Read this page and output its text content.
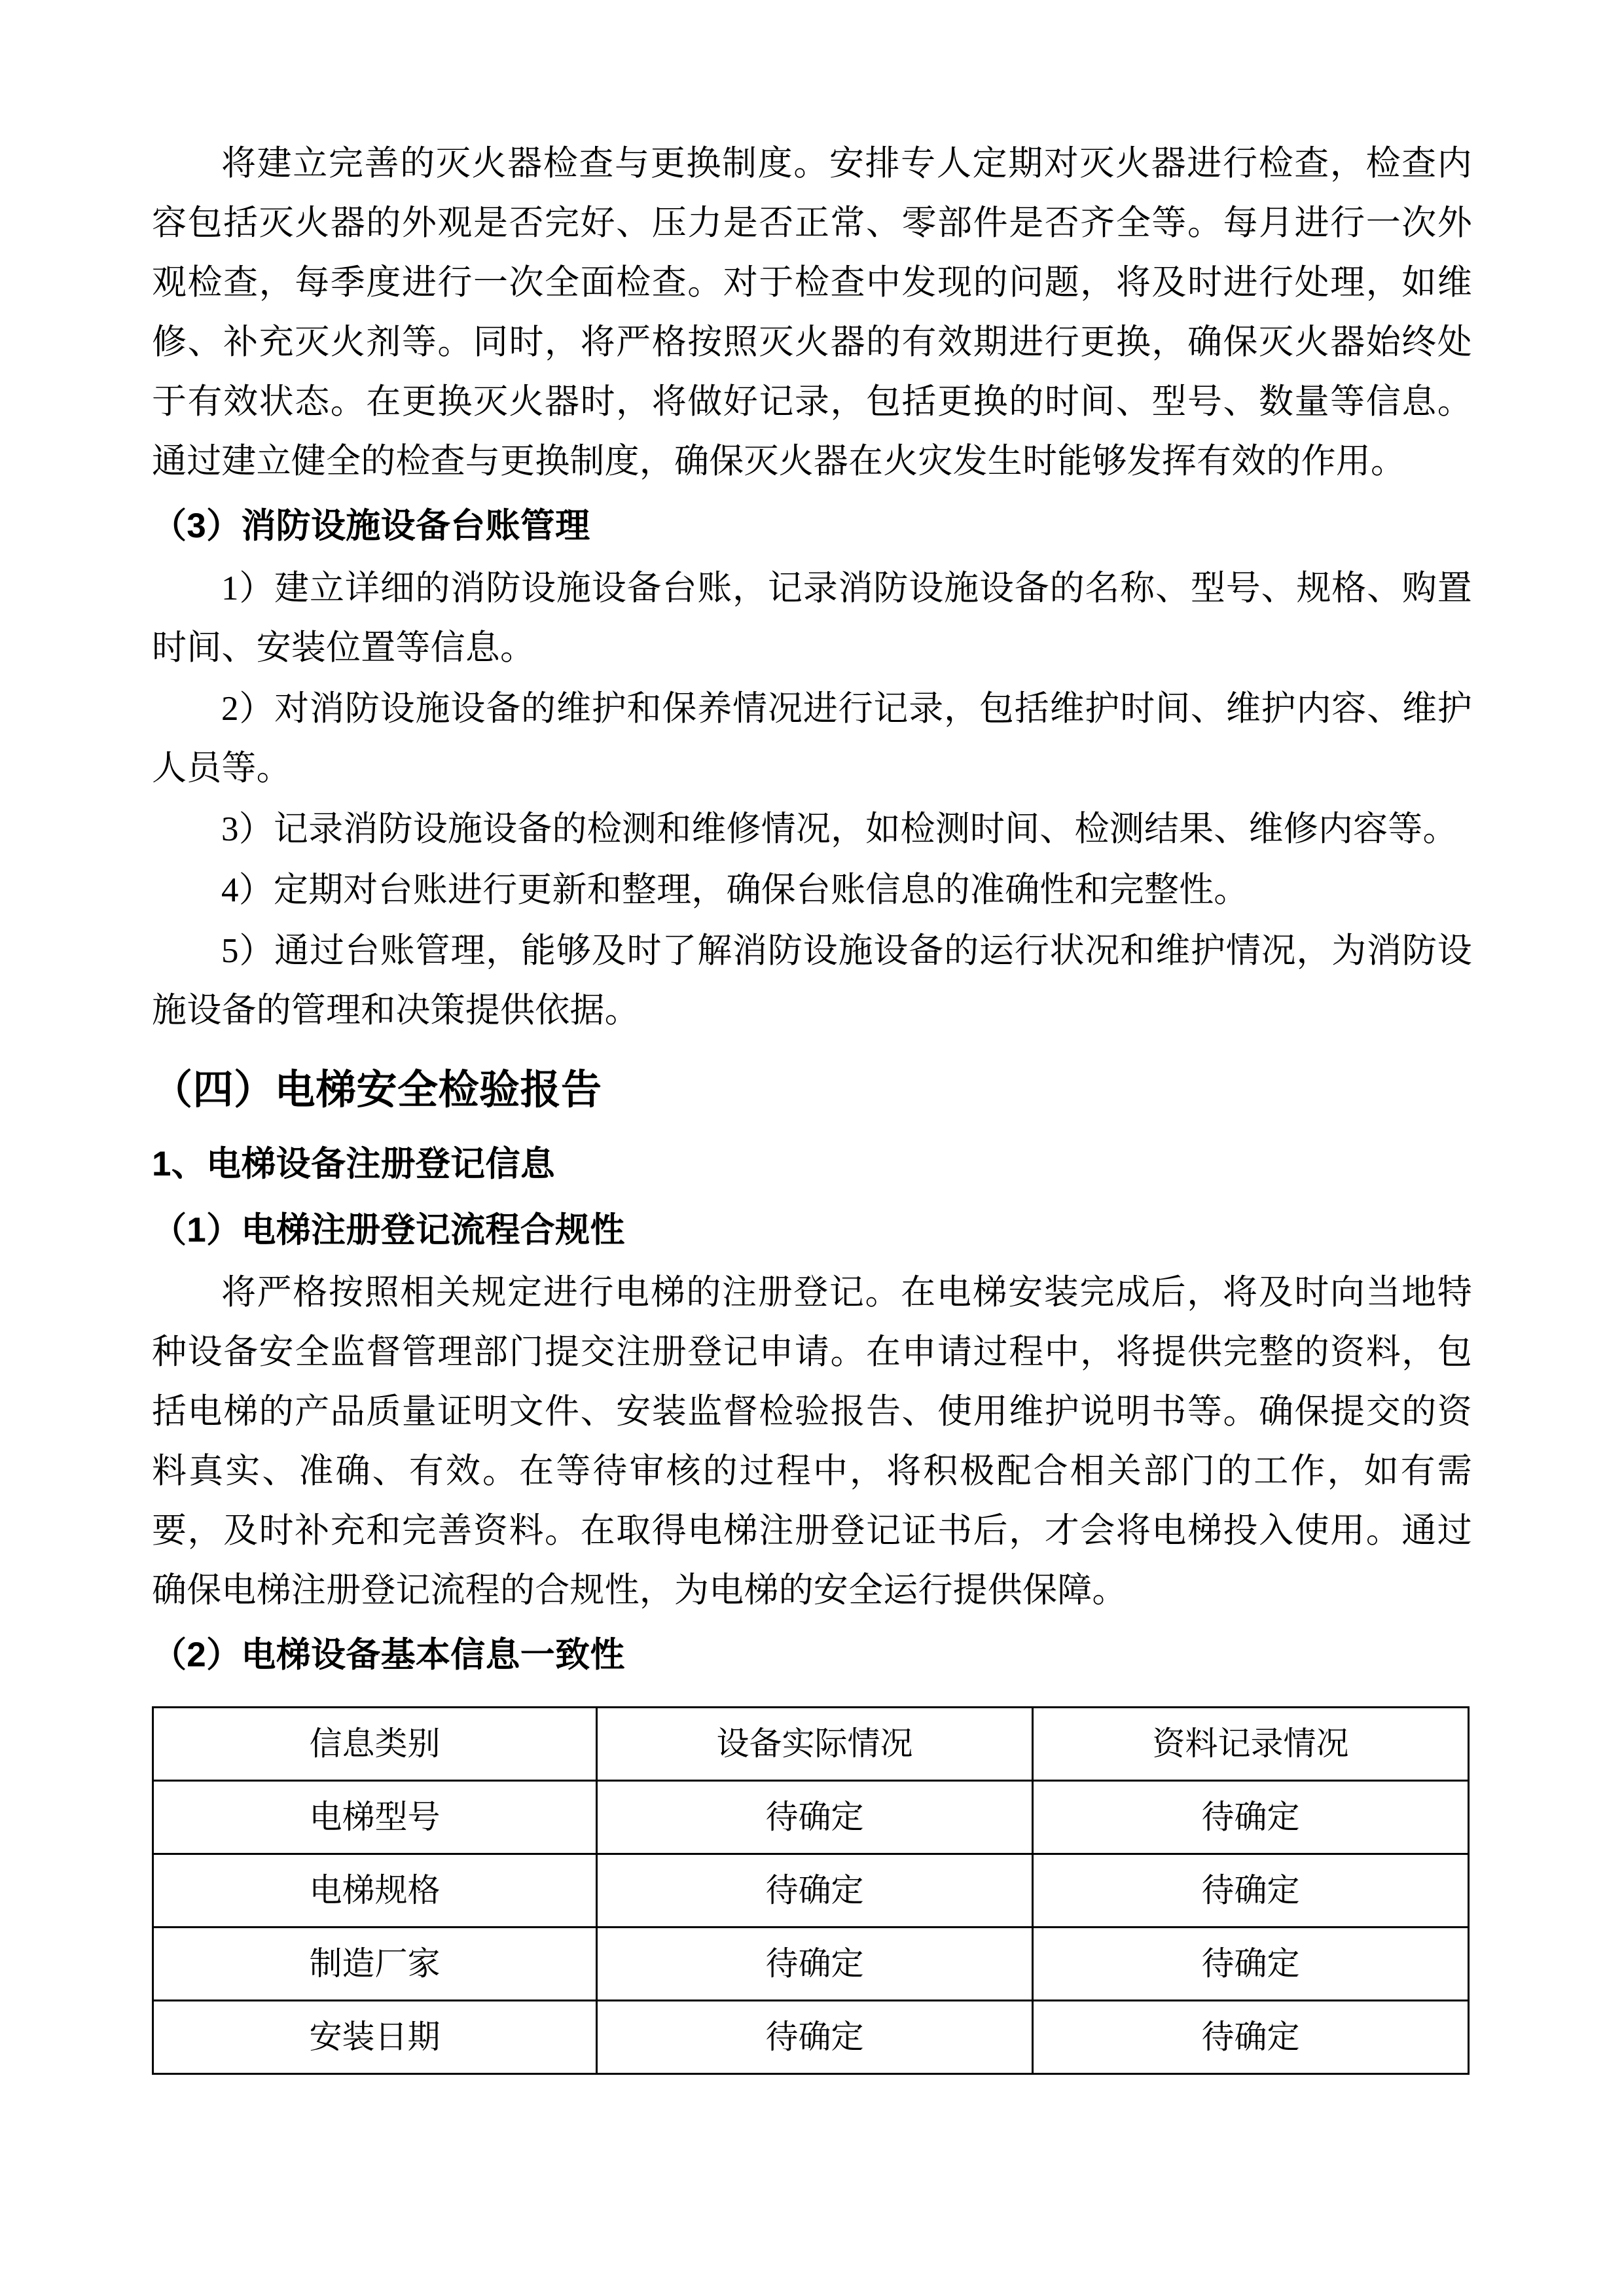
将建立完善的灭火器检查与更换制度。安排专人定期对灭火器进行检查，检查内容包括灭火器的外观是否完好、压力是否正常、零部件是否齐全等。每月进行一次外观检查，每季度进行一次全面检查。对于检查中发现的问题，将及时进行处理，如维修、补充灭火剂等。同时，将严格按照灭火器的有效期进行更换，确保灭火器始终处于有效状态。在更换灭火器时，将做好记录，包括更换的时间、型号、数量等信息。通过建立健全的检查与更换制度，确保灭火器在火灾发生时能够发挥有效的作用。

（3）消防设施设备台账管理

1）建立详细的消防设施设备台账，记录消防设施设备的名称、型号、规格、购置时间、安装位置等信息。

2）对消防设施设备的维护和保养情况进行记录，包括维护时间、维护内容、维护人员等。

3）记录消防设施设备的检测和维修情况，如检测时间、检测结果、维修内容等。

4）定期对台账进行更新和整理，确保台账信息的准确性和完整性。

5）通过台账管理，能够及时了解消防设施设备的运行状况和维护情况，为消防设施设备的管理和决策提供依据。

（四）电梯安全检验报告
1、电梯设备注册登记信息
（1）电梯注册登记流程合规性

将严格按照相关规定进行电梯的注册登记。在电梯安装完成后，将及时向当地特种设备安全监督管理部门提交注册登记申请。在申请过程中，将提供完整的资料，包括电梯的产品质量证明文件、安装监督检验报告、使用维护说明书等。确保提交的资料真实、准确、有效。在等待审核的过程中，将积极配合相关部门的工作，如有需要，及时补充和完善资料。在取得电梯注册登记证书后，才会将电梯投入使用。通过确保电梯注册登记流程的合规性，为电梯的安全运行提供保障。

（2）电梯设备基本信息一致性
信息类别	设备实际情况	资料记录情况
电梯型号	待确定	待确定
电梯规格	待确定	待确定
制造厂家	待确定	待确定
安装日期	待确定	待确定
